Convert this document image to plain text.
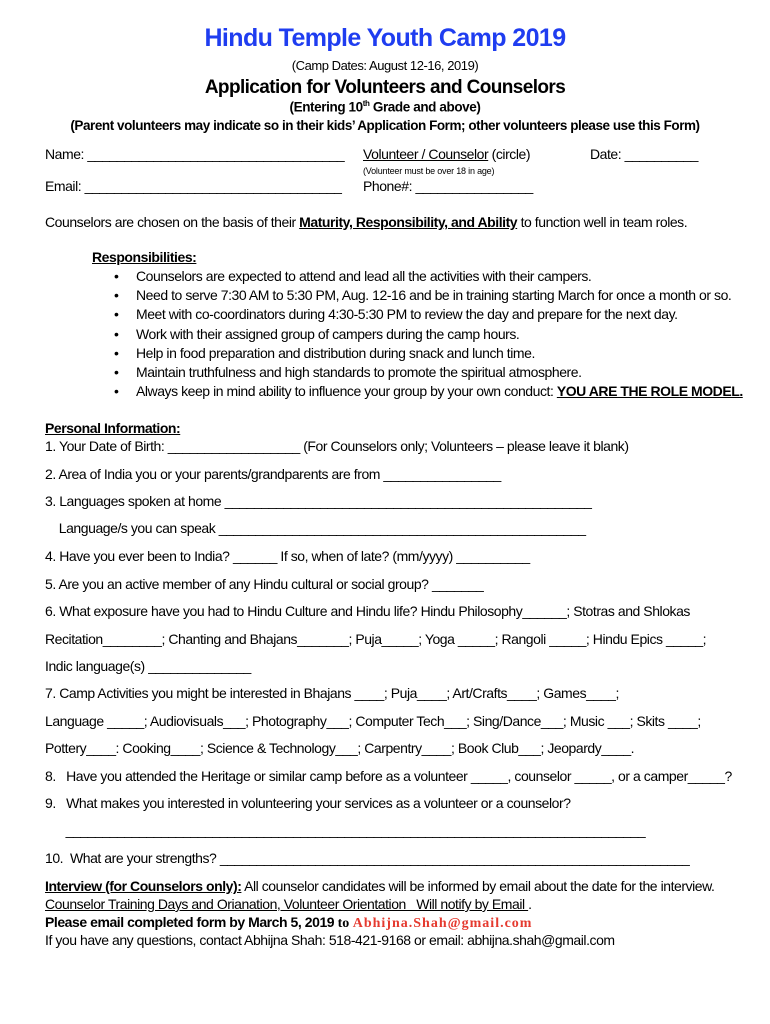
Hindu Temple Youth Camp 2019
(Camp Dates: August 12-16, 2019)
Application for Volunteers and Counselors
(Entering 10th Grade and above)
(Parent volunteers may indicate so in their kids’ Application Form; other volunteers please use this Form)
Name: ___________________________________ Volunteer / Counselor (circle)	Date: __________
(Volunteer must be over 18 in age)
Email: ___________________________________ Phone#: ________________
Counselors are chosen on the basis of their Maturity, Responsibility, and Ability to function well in team roles.
Responsibilities:
• Counselors are expected to attend and lead all the activities with their campers.
• Need to serve 7:30 AM to 5:30 PM, Aug. 12-16 and be in training starting March for once a month or so.
• Meet with co-coordinators during 4:30-5:30 PM to review the day and prepare for the next day.
• Work with their assigned group of campers during the camp hours.
• Help in food preparation and distribution during snack and lunch time.
• Maintain truthfulness and high standards to promote the spiritual atmosphere.
• Always keep in mind ability to influence your group by your own conduct: YOU ARE THE ROLE MODEL.
Personal Information:
1. Your Date of Birth: __________________ (For Counselors only; Volunteers – please leave it blank)
2. Area of India you or your parents/grandparents are from ________________
3. Languages spoken at home __________________________________________________
Language/s you can speak __________________________________________________
4. Have you ever been to India? ______ If so, when of late? (mm/yyyy) __________
5. Are you an active member of any Hindu cultural or social group? _______
6. What exposure have you had to Hindu Culture and Hindu life? Hindu Philosophy______; Stotras and Shlokas
Recitation________; Chanting and Bhajans_______; Puja_____; Yoga _____; Rangoli _____; Hindu Epics _____;
Indic language(s) ______________
7. Camp Activities you might be interested in Bhajans ____; Puja____; Art/Crafts____; Games____;
Language _____; Audiovisuals___; Photography___; Computer Tech___; Sing/Dance___; Music ___; Skits ____;
Pottery____: Cooking____; Science & Technology___; Carpentry____; Book Club___; Jeopardy____.
8.   Have you attended the Heritage or similar camp before as a volunteer _____, counselor _____, or a camper_____?
9.   What makes you interested in volunteering your services as a volunteer or a counselor?
_______________________________________________________________________________
10.  What are your strengths? ________________________________________________________________
Interview (for Counselors only): All counselor candidates will be informed by email about the date for the interview.
Counselor Training Days and Orianation, Volunteer Orientation   Will notify by Email .
Please email completed form by March 5, 2019 to Abhijna.Shah@gmail.com
If you have any questions, contact Abhijna Shah: 518-421-9168 or email: abhijna.shah@gmail.com
